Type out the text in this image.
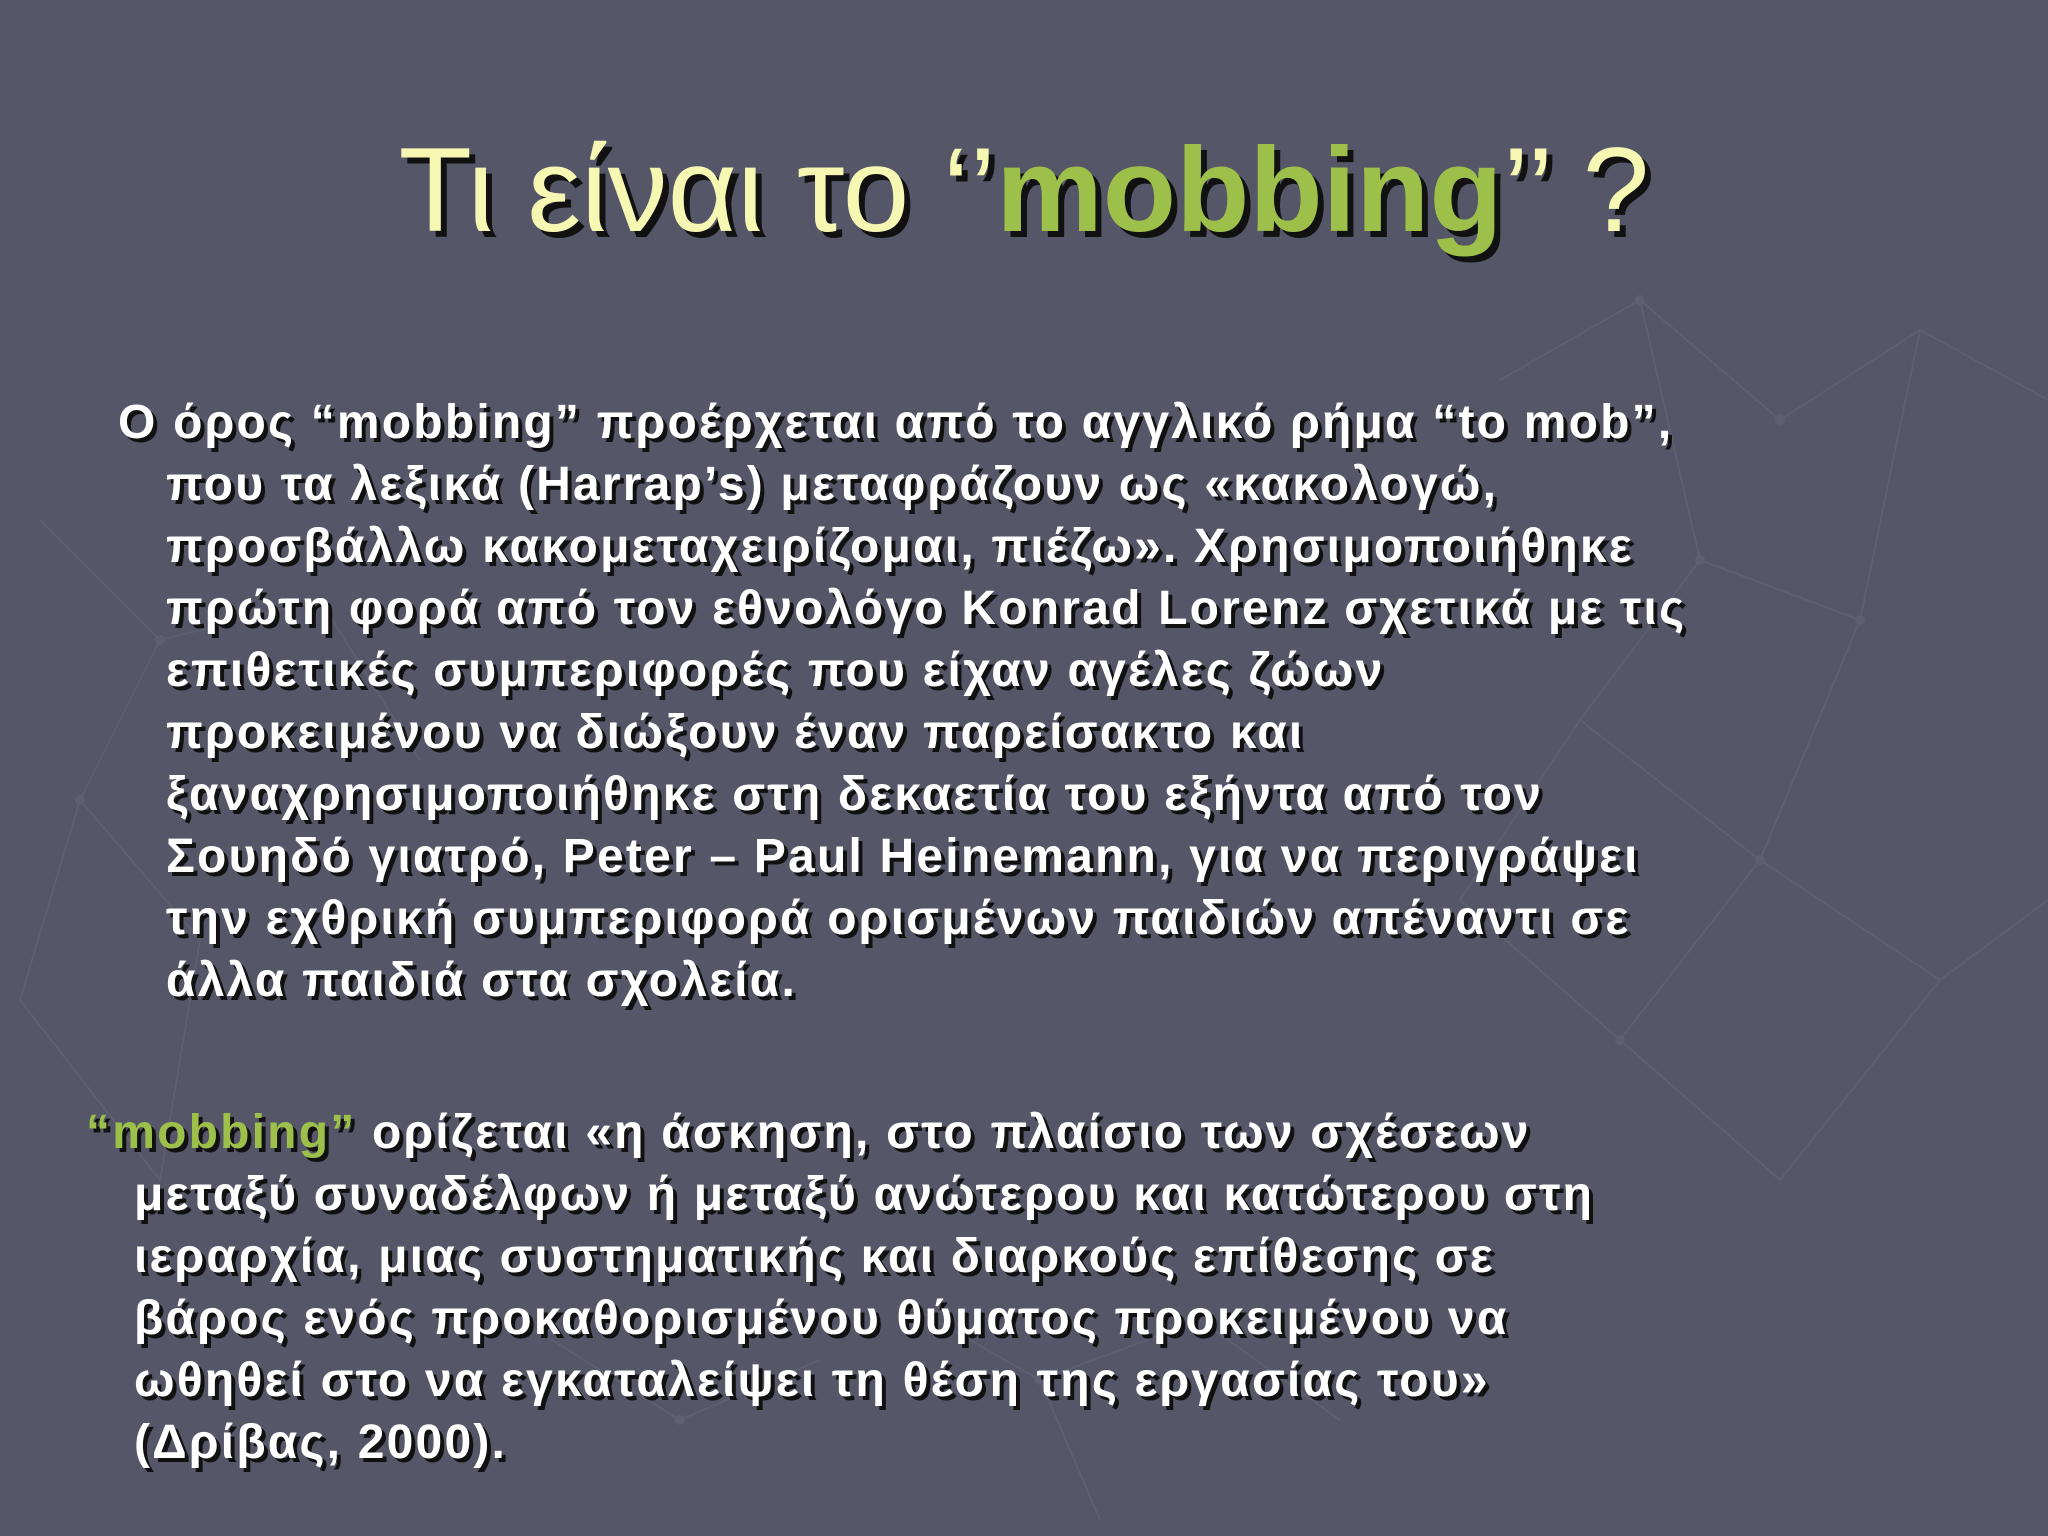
Τι είναι το ‘’mobbing’’ ?

Ο όρος “mobbing” προέρχεται από το αγγλικό ρήμα “to mob”,

που τα λεξικά (Harrap’s) μεταφράζουν ως «κακολογώ,

προσβάλλω κακομεταχειρίζομαι, πιέζω». Χρησιμοποιήθηκε

πρώτη φορά από τον εθνολόγο Konrad Lorenz σχετικά με τις

επιθετικές συμπεριφορές που είχαν αγέλες ζώων

προκειμένου να διώξουν έναν παρείσακτο και

ξαναχρησιμοποιήθηκε στη δεκαετία του εξήντα από τον

Σουηδό γιατρό, Peter – Paul Heinemann, για να περιγράψει

την εχθρική συμπεριφορά ορισμένων παιδιών απέναντι σε

άλλα παιδιά στα σχολεία.

“mobbing” ορίζεται «η άσκηση, στο πλαίσιο των σχέσεων

μεταξύ συναδέλφων ή μεταξύ ανώτερου και κατώτερου στη

ιεραρχία, μιας συστηματικής και διαρκούς επίθεσης σε

βάρος ενός προκαθορισμένου θύματος προκειμένου να

ωθηθεί στο να εγκαταλείψει τη θέση της εργασίας του»

(Δρίβας, 2000).
